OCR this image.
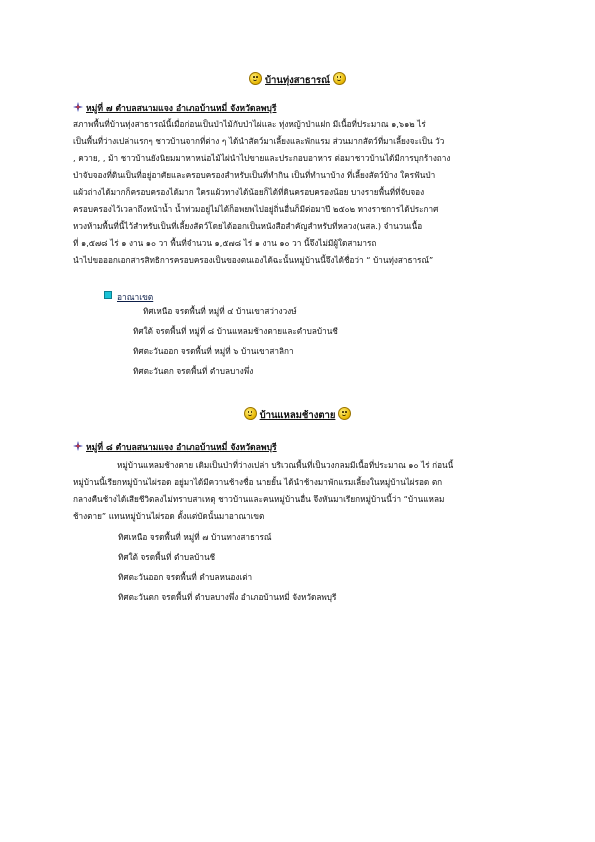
บ้านทุ่งสาธารณ์
หมู่ที่ ๗ ตำบลสนามแจง อำเภอบ้านหมี่ จังหวัดลพบุรี
สภาพพื้นที่บ้านทุ่งสาธารณ์นี้เมื่อก่อนเป็นป่าไม้กับป่าไผ่และ ทุ่งหญ้าป่าแฝก มีเนื้อที่ประมาณ ๑,๖๑๒ ไร่
เป็นพื้นที่ว่างเปล่าแรกๆ ชาวบ้านจากที่ต่าง ๆ ได้นำสัตว์มาเลี้ยงและพักแรม ส่วนมากสัตว์ที่มาเลี้ยงจะเป็น วัว
, ควาย, , ม้า ชาวบ้านยังนิยมมาหาหน่อไม้ไผ่นำไปขายและประกอบอาหาร ต่อมาชาวบ้านได้มีการบุกร้างถาง
ป่าจับจองที่ดินเป็นที่อยู่อาศัยและครอบครองสำหรับเป็นที่ทำกิน เป็นที่ทำนาบ้าง ที่เลี้ยงสัตว์บ้าง ใครฟันป่า
แผ้วถ่างได้มากก็ครอบครองได้มาก ใครแผ้วทางได้น้อยก็ได้ที่ดินครอบครองน้อย บางรายพื้นที่ที่จับจอง
ครอบครองไว้เวลาถึงหน้าน้ำ น้ำท่วมอยู่ไม่ได้ก็อพยพไปอยู่ถิ่นอื่นก็มีต่อมาปี ๒๕๐๒ ทางราชการได้ประกาศ
หวงห้ามพื้นที่นี้ไว้สำหรับเป็นที่เลี้ยงสัตว์โดยได้ออกเป็นหนังสือสำคัญสำหรับที่หลวง(นสล.) จำนวนเนื้อ
ที่ ๑,๕๗๘ ไร่ ๑ งาน ๑๐ วา พื้นที่จำนวน ๑,๕๗๘ ไร่ ๑ งาน ๑๐ วา นี้จึงไม่มีผู้ใดสามารถ
นำไปขอออกเอกสารสิทธิการครอบครองเป็นของตนเองได้ฉะนั้นหมู่บ้านนี้จึงได้ชื่อว่า “ บ้านทุ่งสาธารณ์”
อาณาเขต
ทิศเหนือ จรดพื้นที่ หมู่ที่ ๔ บ้านเขาสว่างวงษ์
ทิศใต้ จรดพื้นที่ หมู่ที่ ๘ บ้านแหลมช้างตายและตำบลบ้านชี
ทิศตะวันออก จรดพื้นที่ หมู่ที่ ๖ บ้านเขาสาลิกา
ทิศตะวันตก จรดพื้นที่ ตำบลบางพึ่ง
บ้านแหลมช้างตาย
หมู่ที่ ๘ ตำบลสนามแจง อำเภอบ้านหมี่ จังหวัดลพบุรี
หมู่บ้านแหลมช้างตาย เดิมเป็นป่าที่ว่างเปล่า บริเวณพื้นที่เป็นวงกลมมีเนื้อที่ประมาณ ๑๐ ไร่ ก่อนนี้
หมู่บ้านนี้เรียกหมู่บ้านไผ่รอด อยู่มาได้มีควานช้างชื่อ นายยั้น ได้นำช้างมาพักแรมเลี้ยงในหมู่บ้านไผ่รอด ตก
กลางคืนช้างได้เสียชีวิตลงไม่ทราบสาเหตุ ชาวบ้านและคนหมู่บ้านอื่น จึงหันมาเรียกหมู่บ้านนี้ว่า “บ้านแหลม
ช้างตาย” แทนหมู่บ้านไผ่รอด ตั้งแต่บัดนั้นมาอาณาเขต
ทิศเหนือ จรดพื้นที่ หมู่ที่ ๗ บ้านทางสาธารณ์
ทิศใต้ จรดพื้นที่ ตำบลบ้านชี
ทิศตะวันออก จรดพื้นที่ ตำบลหนองเต่า
ทิศตะวันตก จรดพื้นที่ ตำบลบางพึ่ง อำเภอบ้านหมี่ จังหวัดลพบุรี
